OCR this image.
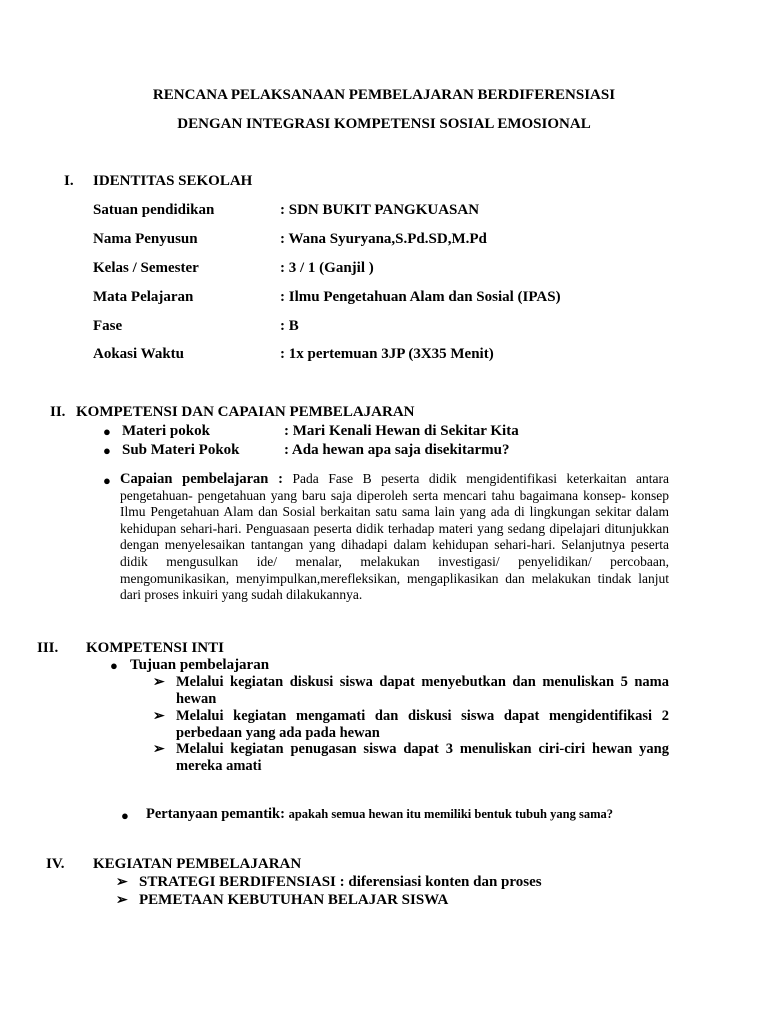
RENCANA PELAKSANAAN PEMBELAJARAN BERDIFERENSIASI
DENGAN INTEGRASI KOMPETENSI SOSIAL EMOSIONAL
I. IDENTITAS SEKOLAH
Satuan pendidikan	: SDN BUKIT PANGKUASAN
Nama Penyusun	: Wana Syuryana,S.Pd.SD,M.Pd
Kelas / Semester	: 3 / 1 (Ganjil )
Mata Pelajaran	: Ilmu Pengetahuan Alam dan Sosial (IPAS)
Fase	: B
Aokasi Waktu	: 1x pertemuan 3JP (3X35 Menit)
II. KOMPETENSI DAN CAPAIAN PEMBELAJARAN
● Materi pokok	: Mari Kenali Hewan di Sekitar Kita
● Sub Materi Pokok	: Ada hewan apa saja disekitarmu?
● Capaian pembelajaran : Pada Fase B peserta didik mengidentifikasi keterkaitan antara pengetahuan- pengetahuan yang baru saja diperoleh serta mencari tahu bagaimana konsep- konsep Ilmu Pengetahuan Alam dan Sosial berkaitan satu sama lain yang ada di lingkungan sekitar dalam kehidupan sehari-hari. Penguasaan peserta didik terhadap materi yang sedang dipelajari ditunjukkan dengan menyelesaikan tantangan yang dihadapi dalam kehidupan sehari-hari. Selanjutnya peserta didik mengusulkan ide/ menalar, melakukan investigasi/ penyelidikan/ percobaan, mengomunikasikan, menyimpulkan,merefleksikan, mengaplikasikan dan melakukan tindak lanjut dari proses inkuiri yang sudah dilakukannya.
III. KOMPETENSI INTI
● Tujuan pembelajaran
➢ Melalui kegiatan diskusi siswa dapat menyebutkan dan menuliskan 5 nama hewan
➢ Melalui kegiatan mengamati dan diskusi siswa dapat mengidentifikasi 2 perbedaan yang ada pada hewan
➢ Melalui kegiatan penugasan siswa dapat 3 menuliskan ciri-ciri hewan yang mereka amati
● Pertanyaan pemantik: apakah semua hewan itu memiliki bentuk tubuh yang sama?
IV. KEGIATAN PEMBELAJARAN
➢ STRATEGI BERDIFENSIASI : diferensiasi konten dan proses
➢ PEMETAAN KEBUTUHAN BELAJAR SISWA
